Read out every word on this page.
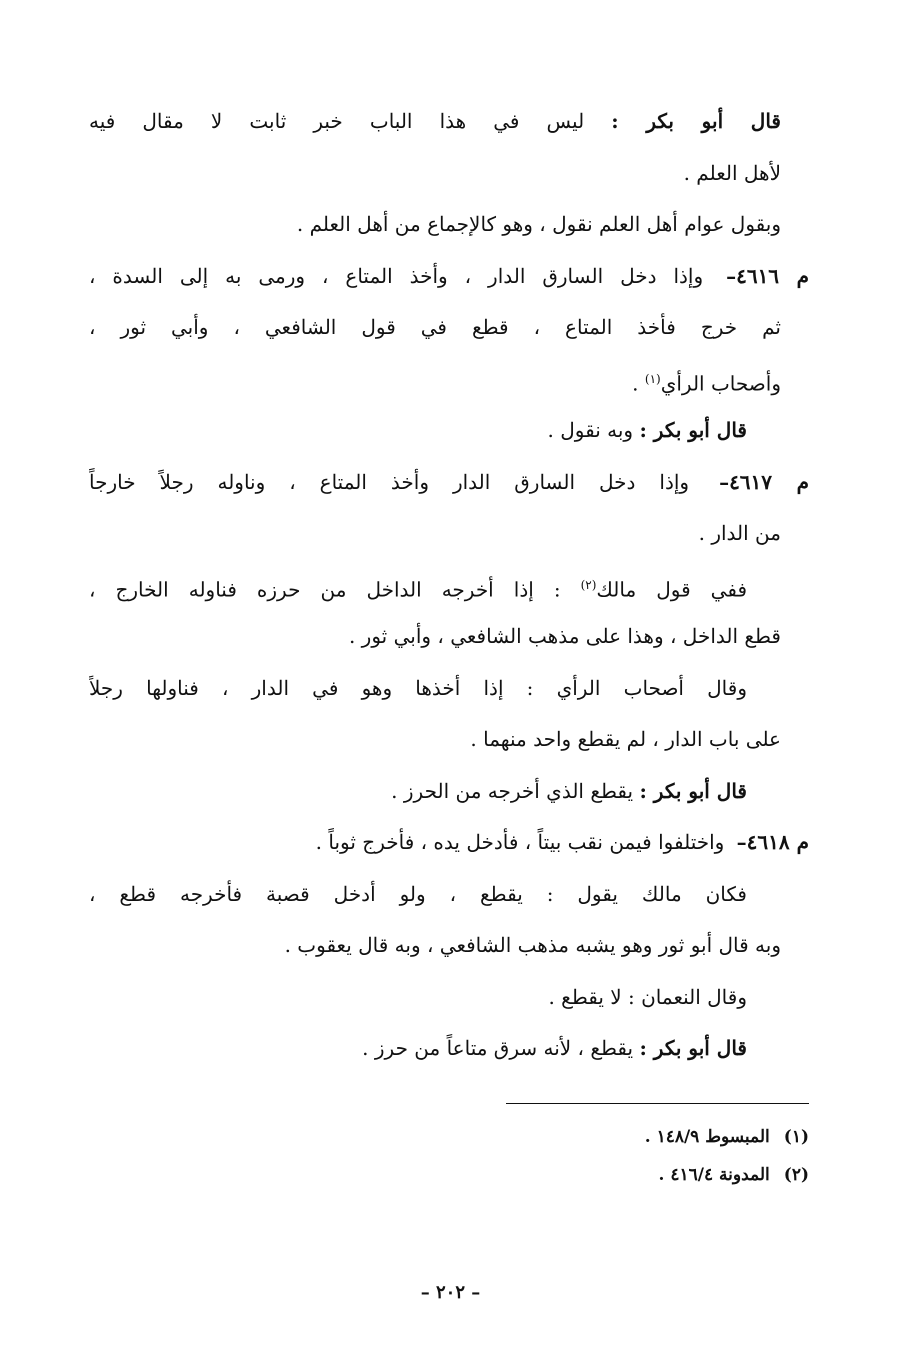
قال أبو بكر : ليس في هذا الباب خبر ثابت لا مقال فيه
لأهل العلم .
وبقول عوام أهل العلم نقول ، وهو كالإجماع من أهل العلم .
م ٤٦١٦– وإذا دخل السارق الدار ، وأخذ المتاع ، ورمى به إلى السدة ،
ثم خرج فأخذ المتاع ، قطع في قول الشافعي ، وأبي ثور ،
وأصحاب الرأي$^{(١)}$ .
قال أبو بكر : وبه نقول .
م ٤٦١٧– وإذا دخل السارق الدار وأخذ المتاع ، وناوله رجلاً خارجاً
من الدار .
ففي قول مالك$^{(٢)}$ : إذا أخرجه الداخل من حرزه فناوله الخارج ،
قطع الداخل ، وهذا على مذهب الشافعي ، وأبي ثور .
وقال أصحاب الرأي : إذا أخذها وهو في الدار ، فناولها رجلاً
على باب الدار ، لم يقطع واحد منهما .
قال أبو بكر : يقطع الذي أخرجه من الحرز .
م ٤٦١٨– واختلفوا فيمن نقب بيتاً ، فأدخل يده ، فأخرج ثوباً .
فكان مالك يقول : يقطع ، ولو أدخل قصبة فأخرجه قطع ،
وبه قال أبو ثور وهو يشبه مذهب الشافعي ، وبه قال يعقوب .
وقال النعمان : لا يقطع .
قال أبو بكر : يقطع ، لأنه سرق متاعاً من حرز .
(١)المبسوط ١٤٨/٩ .
(٢)المدونة ٤١٦/٤ .
– ٢٠٢ –
